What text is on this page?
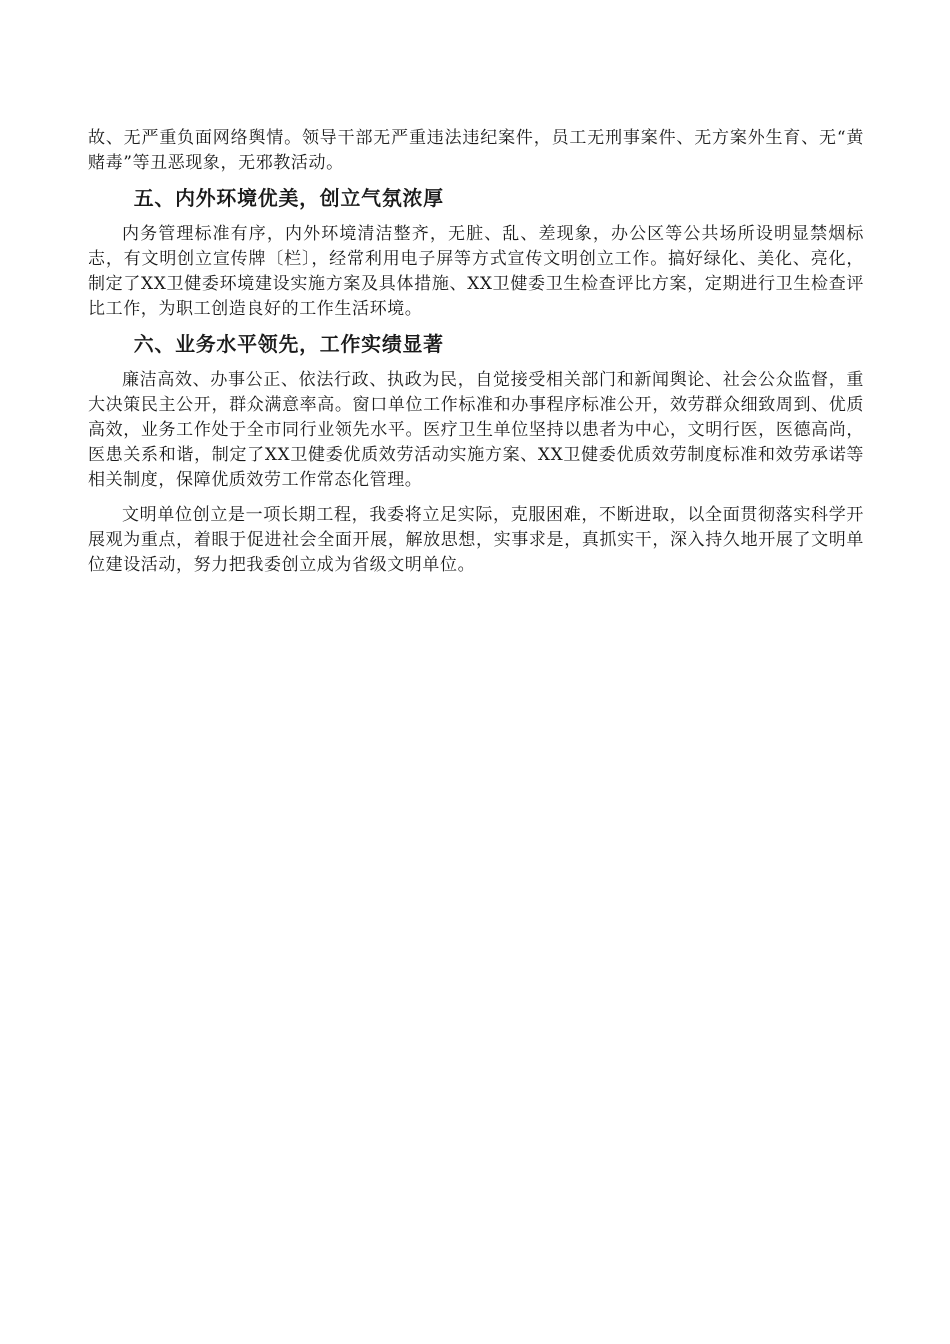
故、无严重负面网络舆情。领导干部无严重违法违纪案件，员工无刑事案件、无方案外生育、无“黄赌毒”等丑恶现象，无邪教活动。

五、内外环境优美，创立气氛浓厚

内务管理标准有序，内外环境清洁整齐，无脏、乱、差现象，办公区等公共场所设明显禁烟标志，有文明创立宣传牌〔栏〕，经常利用电子屏等方式宣传文明创立工作。搞好绿化、美化、亮化，制定了XX卫健委环境建设实施方案及具体措施、XX卫健委卫生检查评比方案，定期进行卫生检查评比工作，为职工创造良好的工作生活环境。

六、业务水平领先，工作实绩显著

廉洁高效、办事公正、依法行政、执政为民，自觉接受相关部门和新闻舆论、社会公众监督，重大决策民主公开，群众满意率高。窗口单位工作标准和办事程序标准公开，效劳群众细致周到、优质高效，业务工作处于全市同行业领先水平。医疗卫生单位坚持以患者为中心，文明行医，医德高尚，医患关系和谐，制定了XX卫健委优质效劳活动实施方案、XX卫健委优质效劳制度标准和效劳承诺等相关制度，保障优质效劳工作常态化管理。

文明单位创立是一项长期工程，我委将立足实际，克服困难，不断进取，以全面贯彻落实科学开展观为重点，着眼于促进社会全面开展，解放思想，实事求是，真抓实干，深入持久地开展了文明单位建设活动，努力把我委创立成为省级文明单位。
